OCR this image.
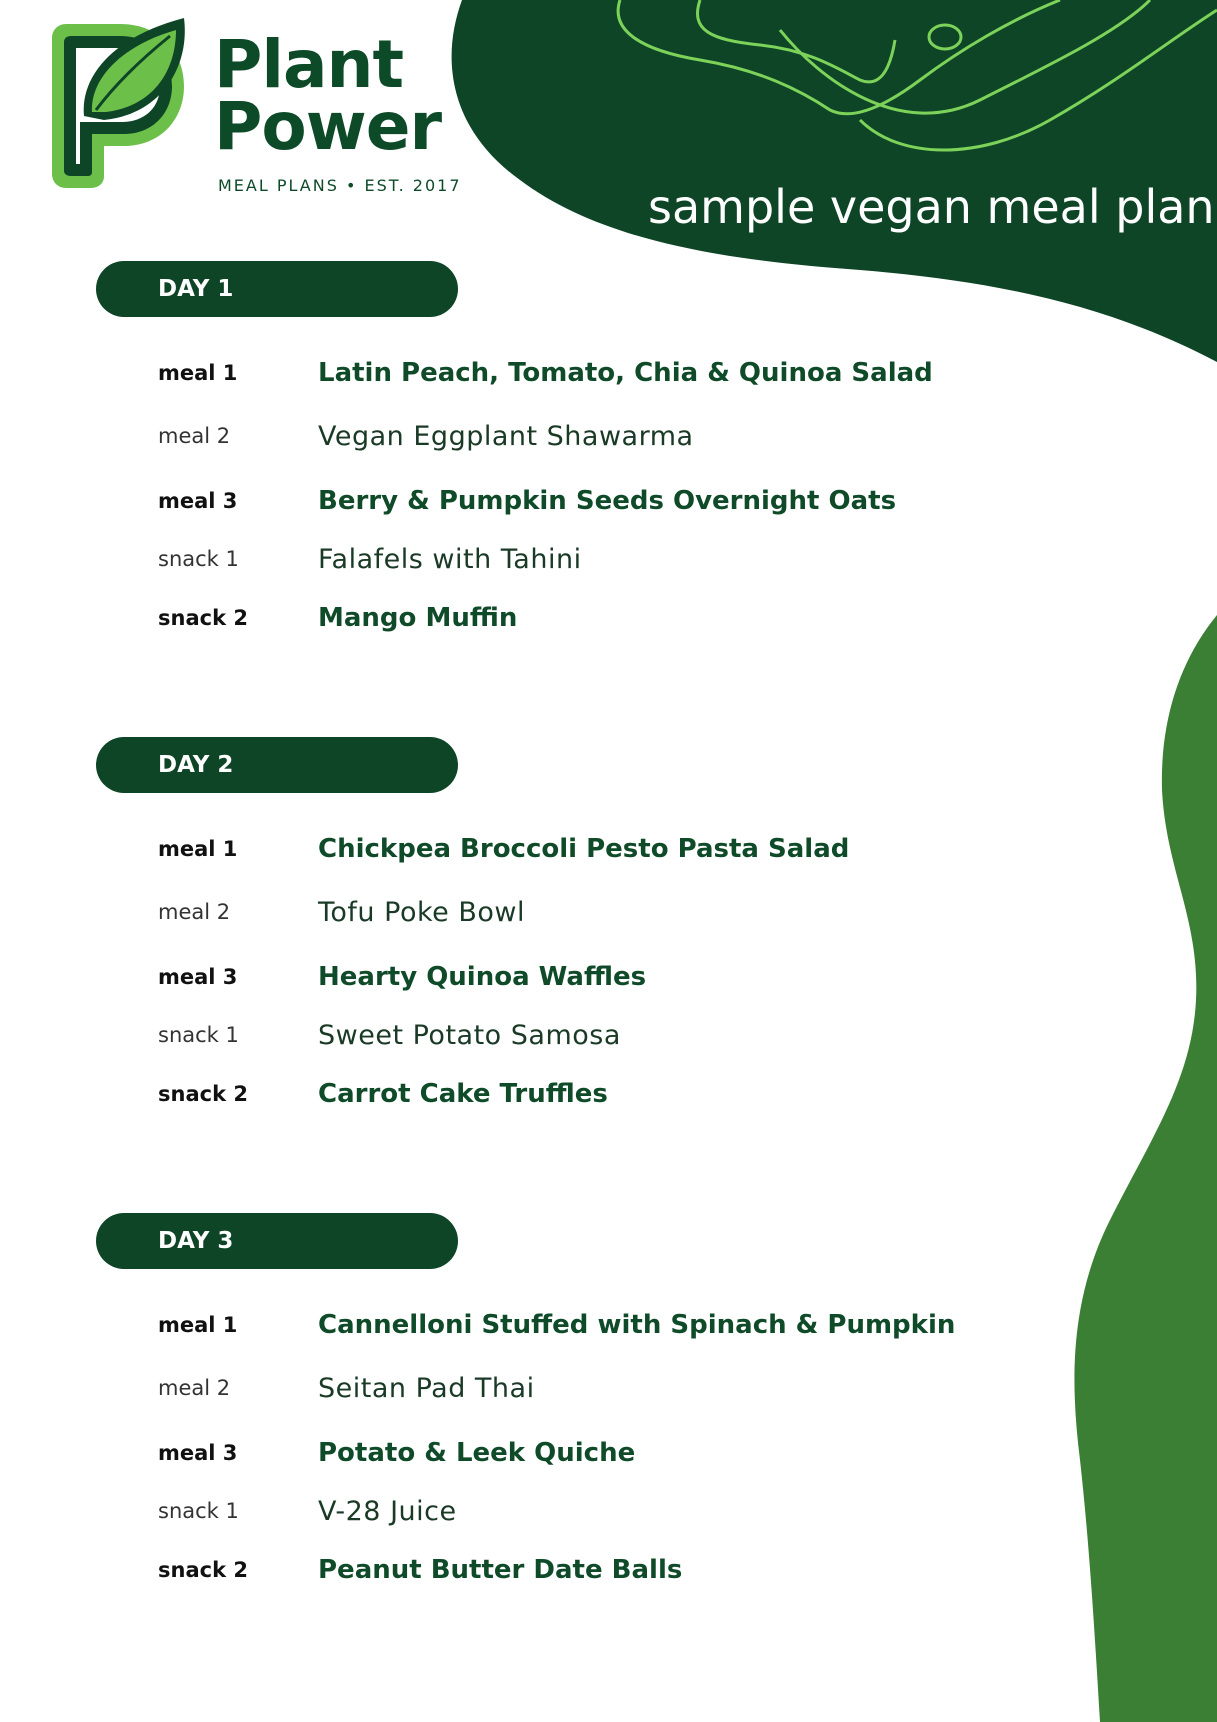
Plant
Power
MEAL PLANS • EST. 2017	sample vegan meal plan
DAY 1
meal 1	Latin Peach, Tomato, Chia & Quinoa Salad
meal 2	Vegan Eggplant Shawarma
meal 3	Berry & Pumpkin Seeds Overnight Oats
snack 1	Falafels with Tahini
snack 2	Mango Muffin
DAY 2
meal 1	Chickpea Broccoli Pesto Pasta Salad
meal 2	Tofu Poke Bowl
meal 3	Hearty Quinoa Waffles
snack 1	Sweet Potato Samosa
snack 2	Carrot Cake Truffles
DAY 3
meal 1	Cannelloni Stuffed with Spinach & Pumpkin
meal 2	Seitan Pad Thai
meal 3	Potato & Leek Quiche
snack 1	V-28 Juice
snack 2	Peanut Butter Date Balls
